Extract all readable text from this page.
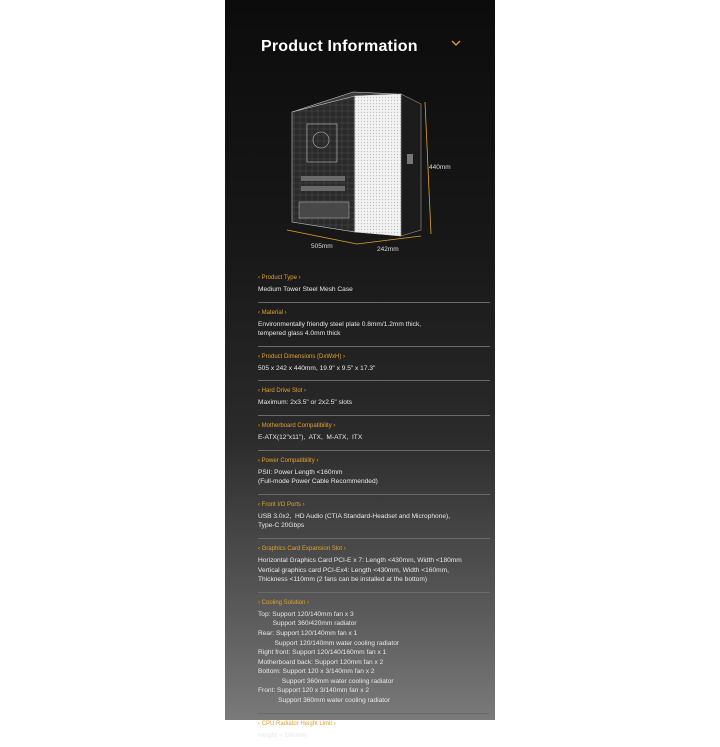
Product Information
440mm
505mm	242mm
‹ Product Type ›
Medium Tower Steel Mesh Case
‹ Material ›
Environmentally friendly steel plate 0.8mm/1.2mm thick,
tempered glass 4.0mm thick
‹ Product Dimensions (DxWxH) ›
505 x 242 x 440mm, 19.9" x 9.5" x 17.3"
‹ Hard Drive Slot ›
Maximum: 2x3.5" or 2x2.5" slots
‹ Motherboard Compatibility ›
E-ATX(12"x11"),  ATX,  M-ATX,  ITX
‹ Power Compatibility ›
PSII: Power Length <160mm
(Full-mode Power Cable Recommended)
‹ Front I/O Ports ›
USB 3.0x2,  HD Audio (CTIA Standard-Headset and Microphone),
Type-C 20Gbps
‹ Graphics Card Expansion Slot ›
Horizontal Graphics Card PCI-E x 7: Length <430mm, Width <180mm
Vertical graphics card PCI-Ex4: Length <430mm, Width <160mm,
Thickness <110mm (2 fans can be installed at the bottom)
‹ Cooling Solution ›
Top: Support 120/140mm fan x 3
Support 360/420mm radiator
Rear: Support 120/140mm fan x 1
Support 120/140mm water cooling radiator
Right front: Support 120/140/160mm fan x 1
Motherboard back: Support 120mm fan x 2
Bottom: Support 120 x 3/140mm fan x 2
Support 360mm water cooling radiator
Front: Support 120 x 3/140mm fan x 2
Support 360mm water cooling radiator
‹ CPU Radiator Height Limit ›
Height < 180mm
